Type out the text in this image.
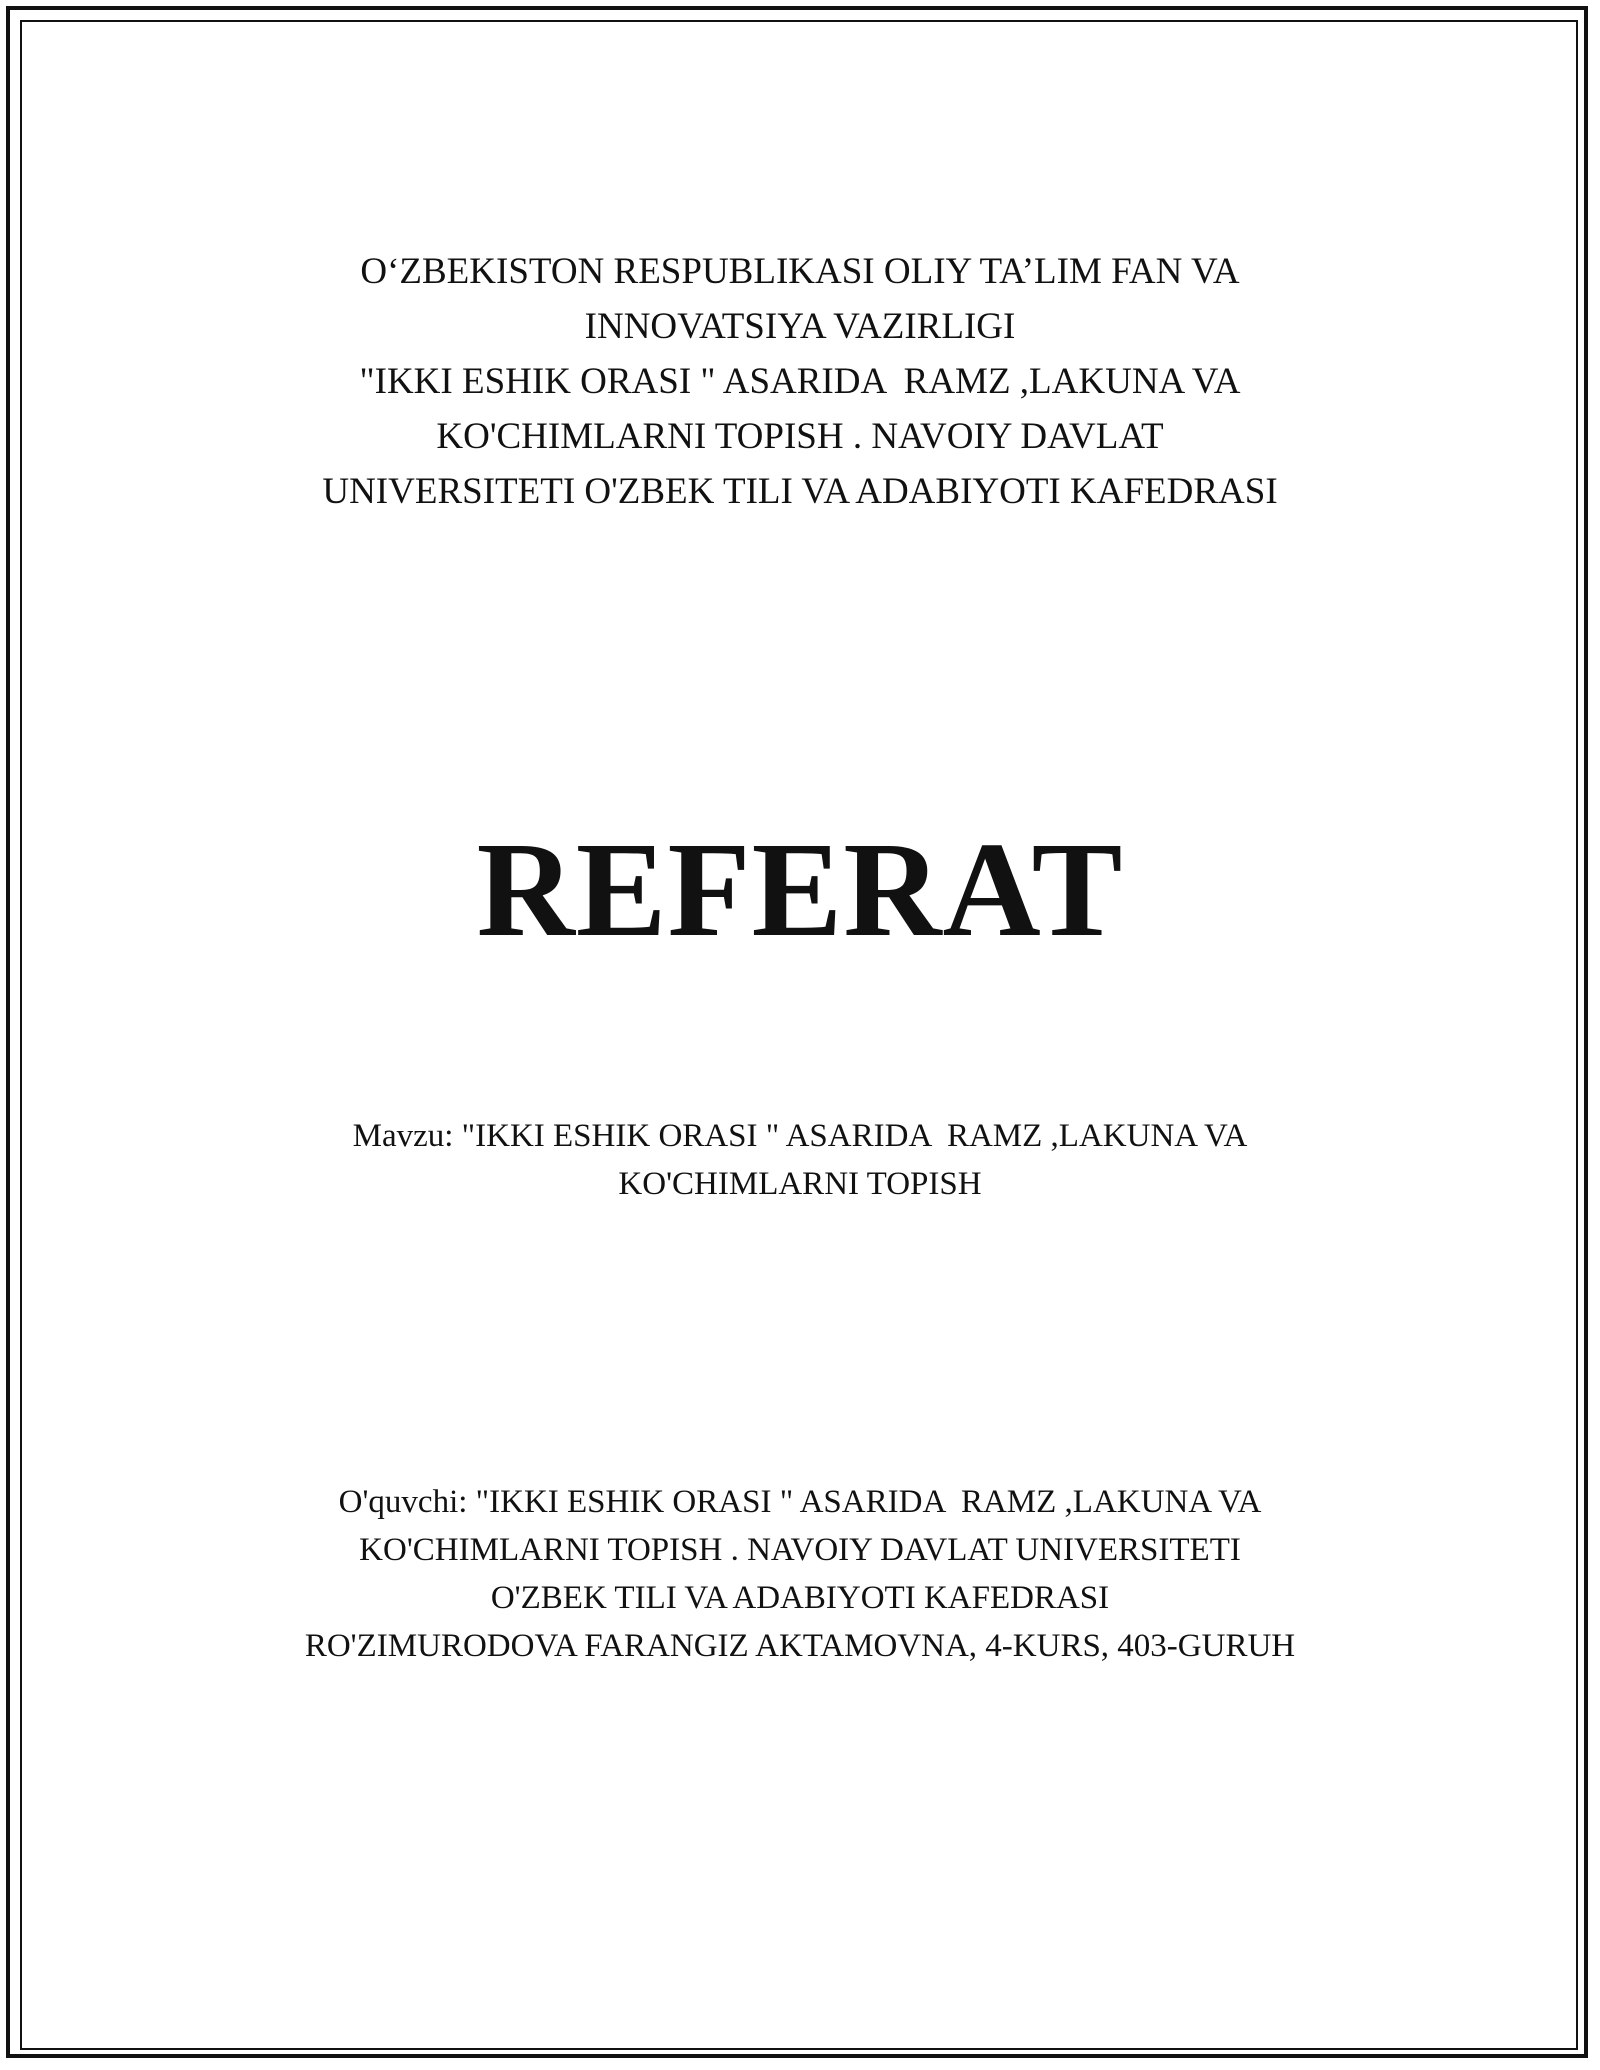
O‘ZBEKISTON RESPUBLIKASI OLIY TA’LIM FAN VA
INNOVATSIYA VAZIRLIGI
"IKKI ESHIK ORASI " ASARIDA  RAMZ ,LAKUNA VA
KO'CHIMLARNI TOPISH . NAVOIY DAVLAT
UNIVERSITETI O'ZBEK TILI VA ADABIYOTI KAFEDRASI
REFERAT
Mavzu: "IKKI ESHIK ORASI " ASARIDA  RAMZ ,LAKUNA VA
KO'CHIMLARNI TOPISH
O'quvchi: "IKKI ESHIK ORASI " ASARIDA  RAMZ ,LAKUNA VA
KO'CHIMLARNI TOPISH . NAVOIY DAVLAT UNIVERSITETI
O'ZBEK TILI VA ADABIYOTI KAFEDRASI
RO'ZIMURODOVA FARANGIZ AKTAMOVNA, 4-KURS, 403-GURUH
